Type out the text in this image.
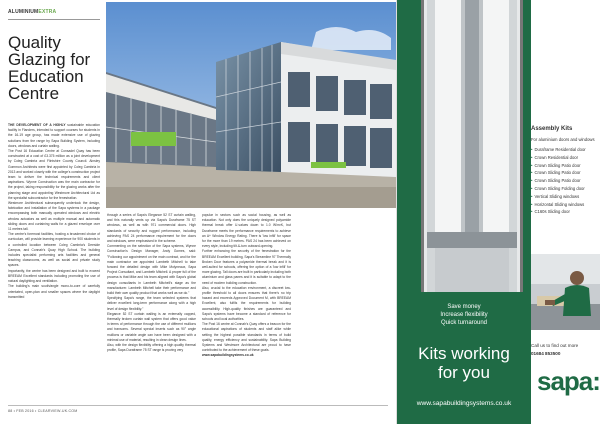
ALUMINIUMEXTRA
Quality Glazing for Education Centre
THE DEVELOPMENT OF A HIGHLY sustainable education facility in Flanders, intended to support courses for students in the 16-19 age group, has made extensive use of glazing solutions from the range by Sapa Building System, including doors, windows and curtain walling.
The Post 16 Education Centre at Consadel Quay has been constructed at a cost of £3.375 million as a joint development by Coleg Cambria and Flintshire County Council. Ainsley Gommon Architects were first appointed by Coleg Cambria in 2013 and worked closely with the college's construction project team to deliver the technical requirements and client aspirations. Wynne Construction was the main contractor for the project, taking responsibility for the glazing works after the planning stage and appointing Westmore Architectural Ltd as the specialist subcontractor for the fenestration.
Westmore Architectural subsequently undertook the design, fabrication and installation of the Sapa systems in a package encompassing both manually operated windows and electric window actuators as well as multiple manual and automatic sliding doors and curtaining walls for a glazed envelope over 11 metres tall.
The centre's foremost facilities, hosting a broadened choice of curriculum, will provide learning experience for 900 students in a controlled location between Coleg Cambria's Deeside Campus, and Connah's Quay High School. The building includes specialist performing arts facilities and general teaching classrooms, as well as social and private study spaces.
Importantly, the centre has been designed and built to exceed BREEAM Excellent standards including promoting the use of natural daylighting and ventilation.
The building's main south/angle mono-to-core of carefully orientated, open-plan and smaller spaces where the daylight transmitted
through a series of Sapa's Elegance 52 ST curtain walling, and this naturally vents up via Sapa's Duraframe 75 ST windows, as well as with 971 commercial doors. High standards of security and rugged performance, including achieving PAS 24 performance requirement for the doors and windows, were emphasised in the scheme.
Commenting on the selection of the Sapa systems, Wynne Construction's Design Manager, Andy Gomes, said: "Following our appointment on the main contract, and for the main contractor we appointed Lambeth Mitchell to take forward the detailed design with Mike Molyneaux, Sapa Project Consultant, and Lambeth Mitchell. A proper full of the process is that Mike and his team aligned with Sapa's global design consultants in Lambeth Mitchell's stage as the manufacturer. Lambeth Mitchell take their performance and build their own quality product that works well as we do."
Specifying Sapa's range, the team selected systems that deliver excellent long-term performance along with a high level of design flexibility."
Elegance 52 ST curtain walling is an externally capped, thermally broken curtain wall system that offers good value in terms of performance through the use of different mullions and transoms. Several special inserts such as 90° angle mullions or variable angle can have been designed with a minimal use of material, resulting in clean design lines.
Also, with the design flexibility offering a high quality thermal profile, Sapa Duraframe 75 ST range is proving very
popular in sectors such as social housing, as well as education. Not only does the uniquely designed polyamide thermal break offer U-values down to 1.0 W/m²K, but Duraframe meets the performance requirements to achieve an A+ Window Energy Rating. There is 'low infill' for space for the more than 19 metres. PAS 24 has been achieved on every style, including tilt-&-turn outward-opening.
Further enhancing the security of the fenestration for the BREEAM Excellent building, Sapa's Streamline 97 Thermally Broken Door features a polyamide thermal break and it is well-suited for schools, offering the option of a 'low infill' for more glazing. Tall doors are built in particularly including both aluminium and glass panes and it is suitable to adapt to the need of modern building construction.
Also, crucial to the education environment, a discreet low-profile threshold to all doors ensures that there's no trip hazard and exceeds Approved Document M, with BREEAM Excellent, also fulfils the requirements for building accessibility. High-quality finishes are guaranteed and Sapa's systems have become a standard of reference for schools and local authorities.
The Post 16 centre at Connah's Quay offers a beacon for the educational aspirations of students and staff alike while setting the highest possible standards in terms of build quality, energy efficiency and sustainability. Sapa Building Systems and Westmore Architectural are proud to have contributed to the achievement of these goals.
www.sapabuildingsystems.co.uk
88 • FEB 2016 • CLEARVIEW-UK.COM
Save money
Increase flexibility
Quick turnaround
Kits working
for you
www.sapabuildingsystems.co.uk
Assembly Kits
For aluminium doors and windows
• Duraframe Residential door
• Crown Residential door
• Crown Sliding Patio door
• Crown Sliding Patio door
• Crown Sliding Patio door
• Crown Sliding Folding door
• Vertical Sliding windows
• Horizontal Sliding windows
• C160s Sliding door
Call us to find out more
01684 853500
sapa:
